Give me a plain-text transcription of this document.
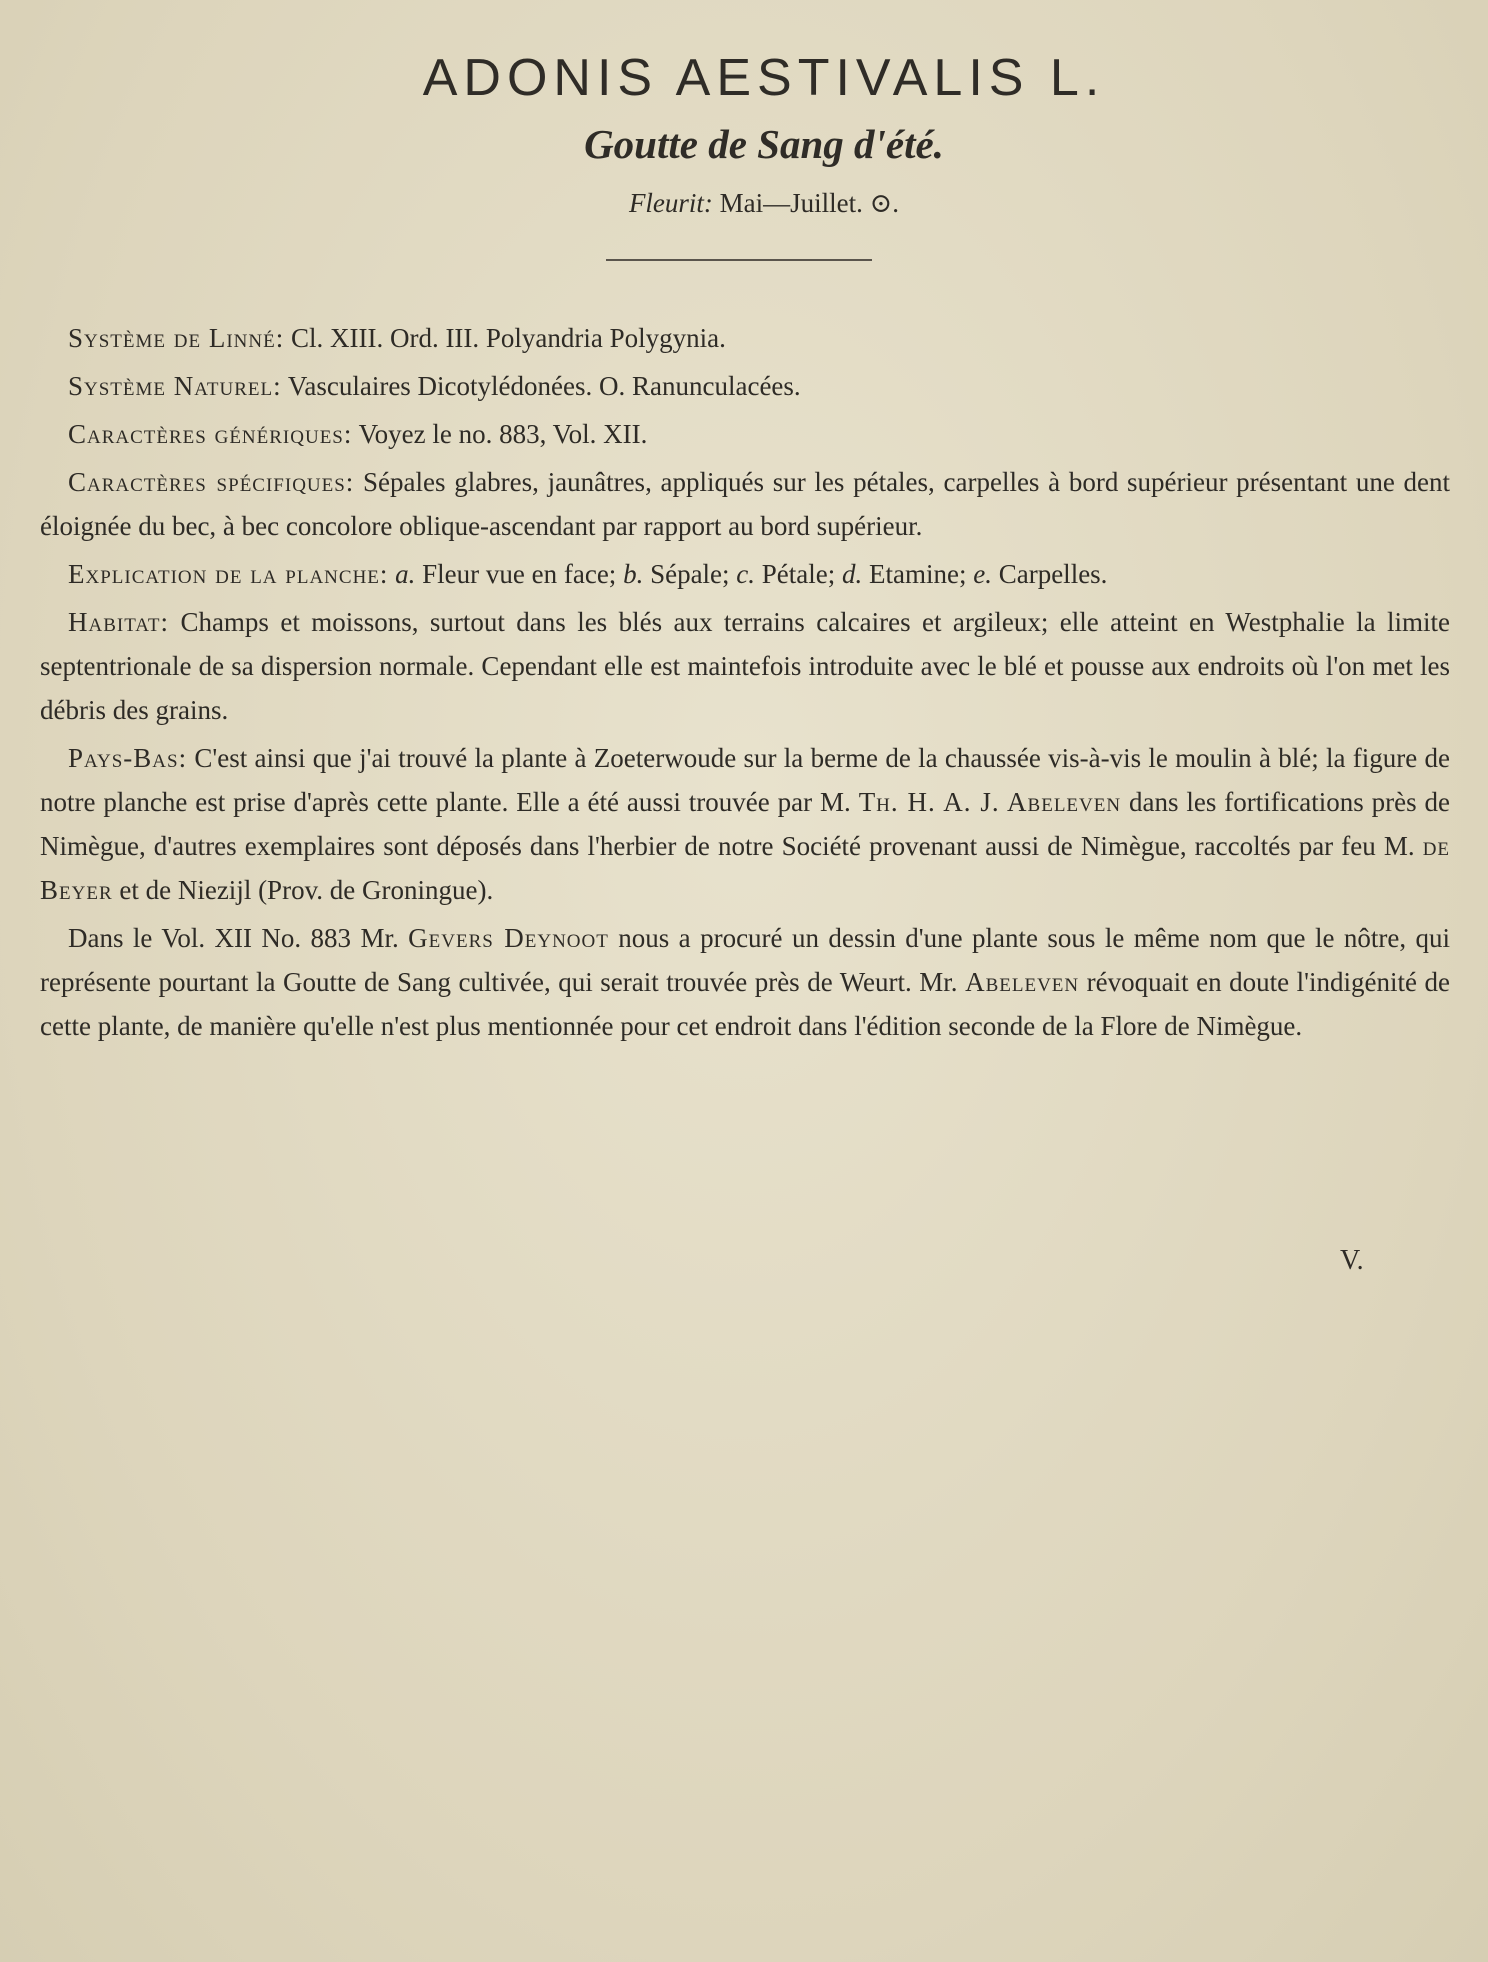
ADONIS AESTIVALIS L.
Goutte de Sang d'été.
Fleurit: Mai—Juillet. ⊙.

Système de Linné: Cl. XIII. Ord. III. Polyandria Polygynia.

Système Naturel: Vasculaires Dicotylédonées. O. Ranunculacées.

Caractères génériques: Voyez le no. 883, Vol. XII.

Caractères spécifiques: Sépales glabres, jaunâtres, appliqués sur les pétales, carpelles à bord supérieur présentant une dent éloignée du bec, à bec concolore oblique-ascendant par rapport au bord supérieur.

Explication de la planche: a. Fleur vue en face; b. Sépale; c. Pétale; d. Etamine; e. Carpelles.

Habitat: Champs et moissons, surtout dans les blés aux terrains calcaires et argileux; elle atteint en Westphalie la limite septentrionale de sa dispersion normale. Cependant elle est maintefois introduite avec le blé et pousse aux endroits où l'on met les débris des grains.

Pays-Bas: C'est ainsi que j'ai trouvé la plante à Zoeterwoude sur la berme de la chaussée vis-à-vis le moulin à blé; la figure de notre planche est prise d'après cette plante. Elle a été aussi trouvée par M. Th. H. A. J. Abeleven dans les fortifications près de Nimègue, d'autres exemplaires sont déposés dans l'herbier de notre Société provenant aussi de Nimègue, raccoltés par feu M. de Beyer et de Niezijl (Prov. de Groningue).

Dans le Vol. XII No. 883 Mr. Gevers Deynoot nous a procuré un dessin d'une plante sous le même nom que le nôtre, qui représente pourtant la Goutte de Sang cultivée, qui serait trouvée près de Weurt. Mr. Abeleven révoquait en doute l'indigénité de cette plante, de manière qu'elle n'est plus mentionnée pour cet endroit dans l'édition seconde de la Flore de Nimègue.

V.
